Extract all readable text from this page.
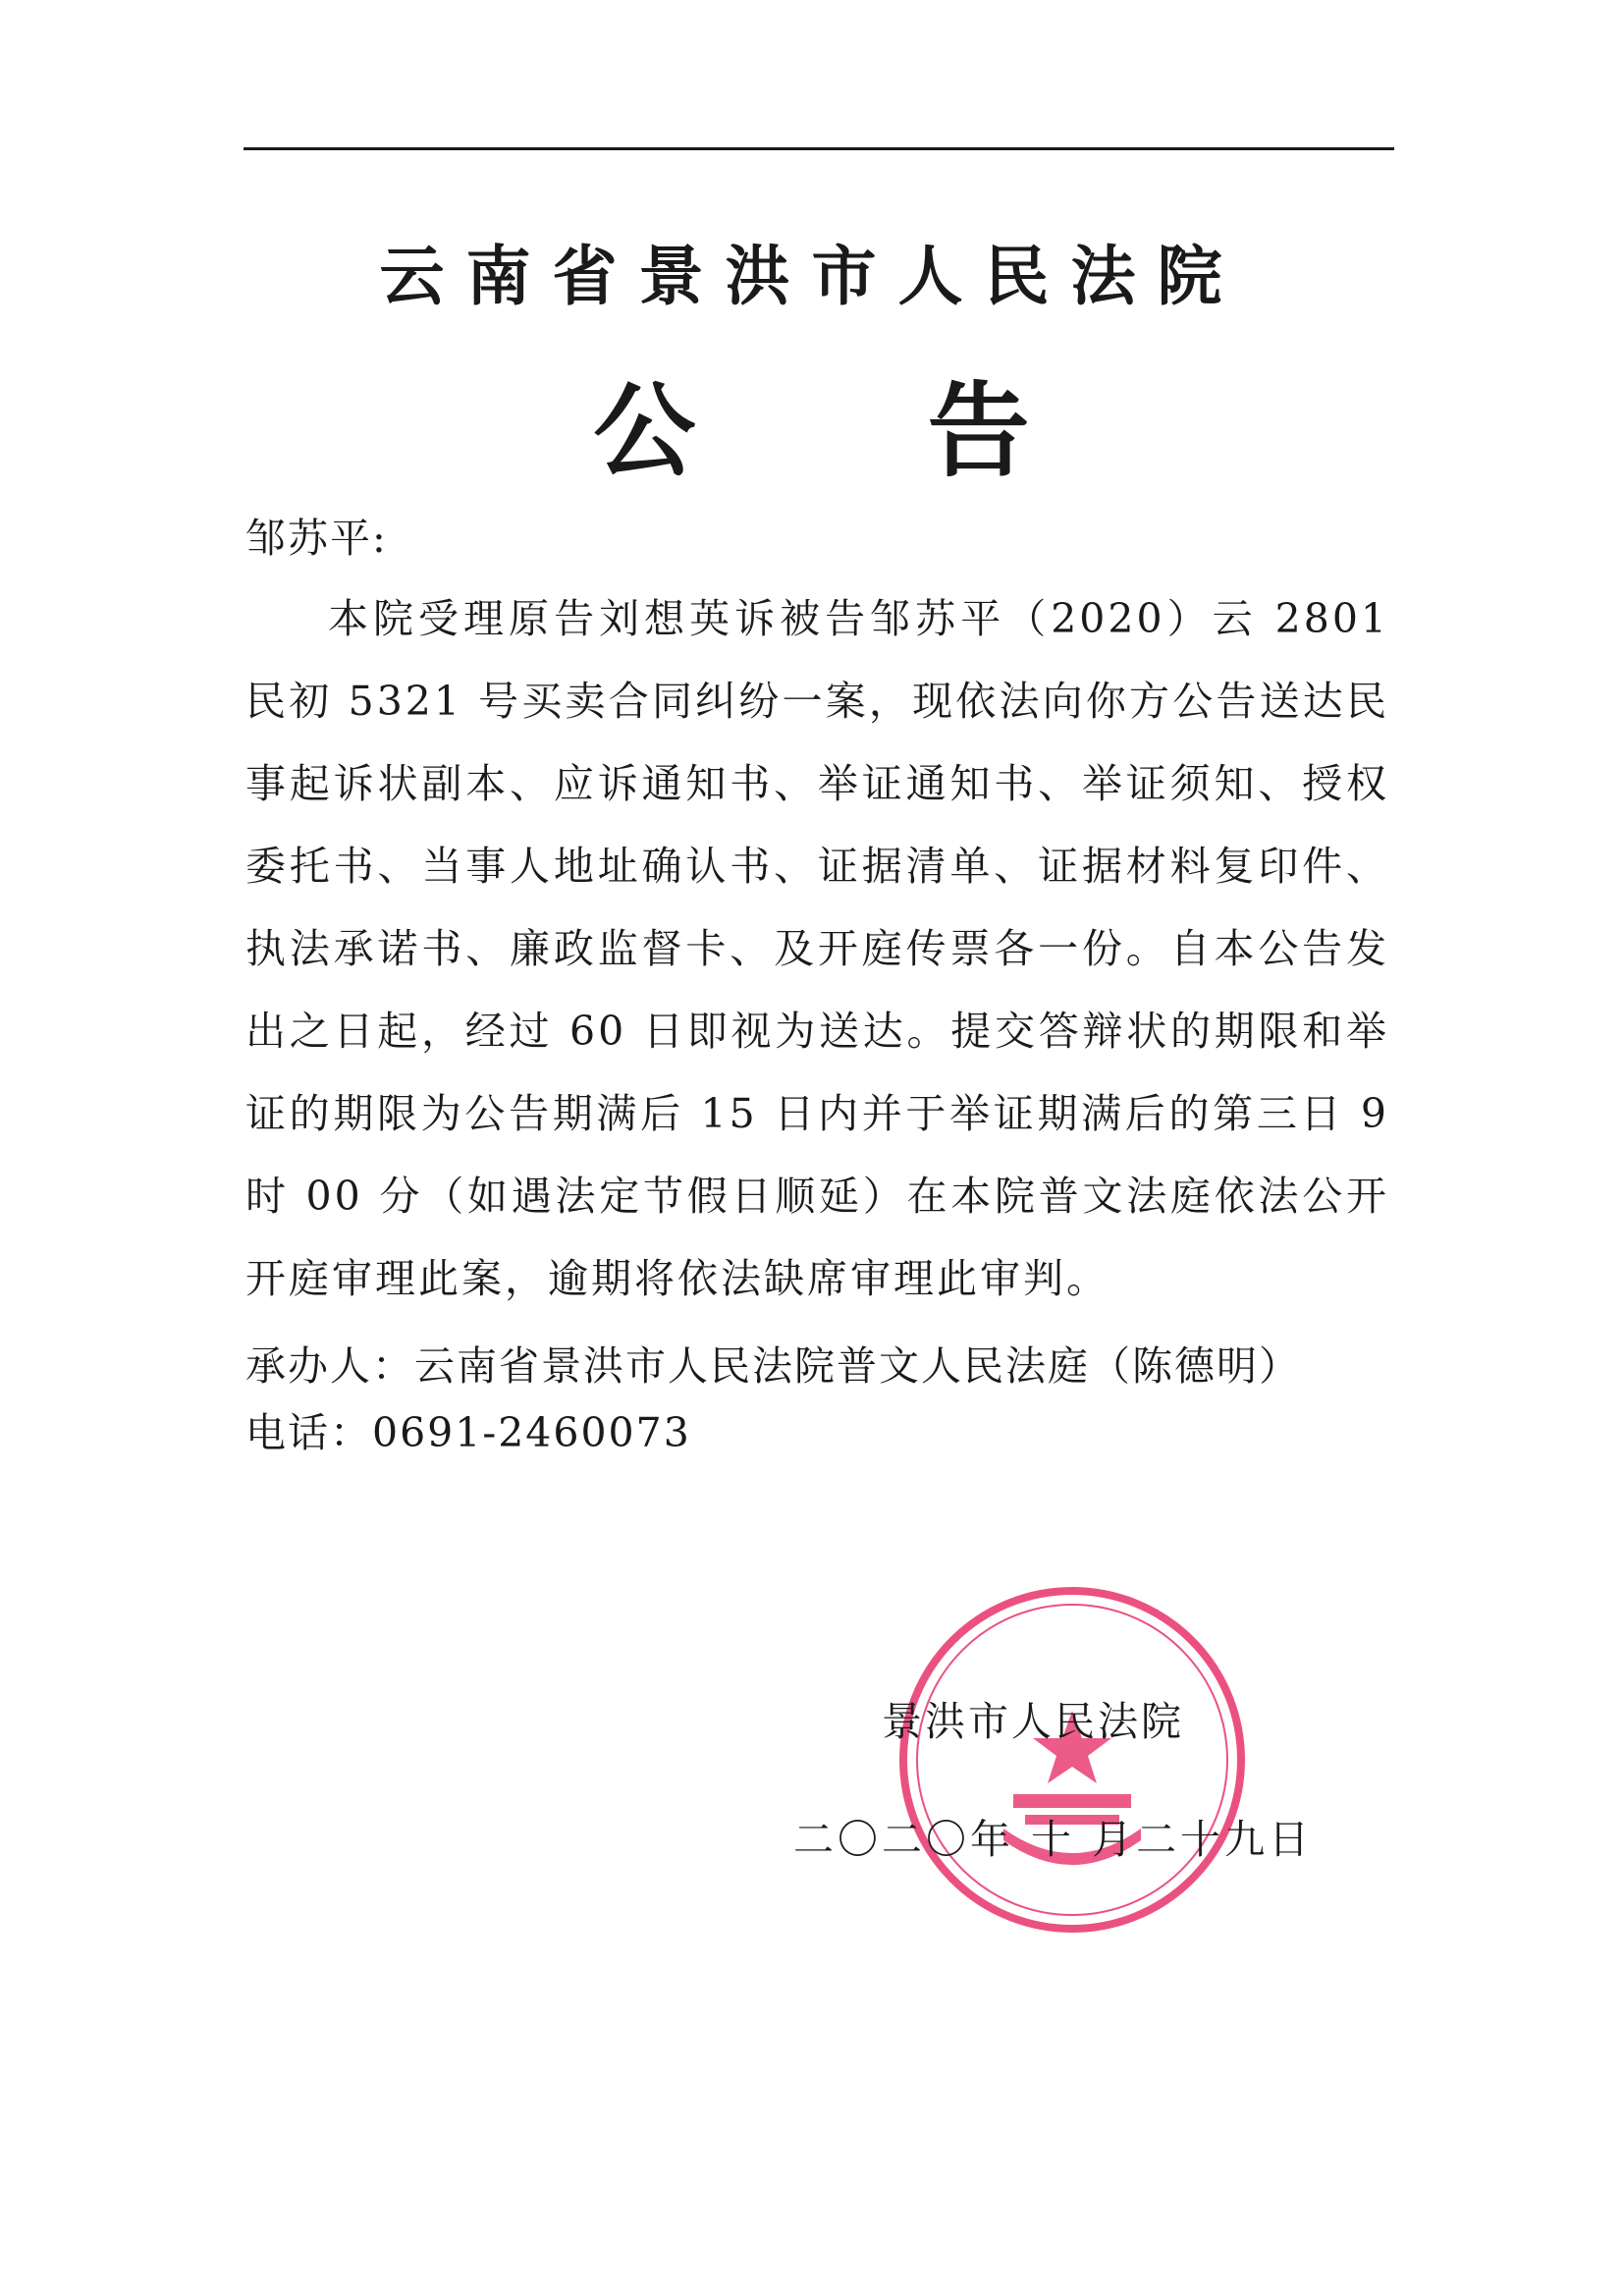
云南省景洪市人民法院
公 告
邹苏平:
本院受理原告刘想英诉被告邹苏平（2020）云 2801 民初 5321 号买卖合同纠纷一案，现依法向你方公告送达民事起诉状副本、应诉通知书、举证通知书、举证须知、授权委托书、当事人地址确认书、证据清单、证据材料复印件、执法承诺书、廉政监督卡、及开庭传票各一份。自本公告发出之日起，经过 60 日即视为送达。提交答辩状的期限和举证的期限为公告期满后 15 日内并于举证期满后的第三日 9 时 00 分（如遇法定节假日顺延）在本院普文法庭依法公开开庭审理此案，逾期将依法缺席审理此审判。
承办人：云南省景洪市人民法院普文人民法庭（陈德明）
电话：0691-2460073
景洪市人民法院
二〇二〇年 十 月二十九日
